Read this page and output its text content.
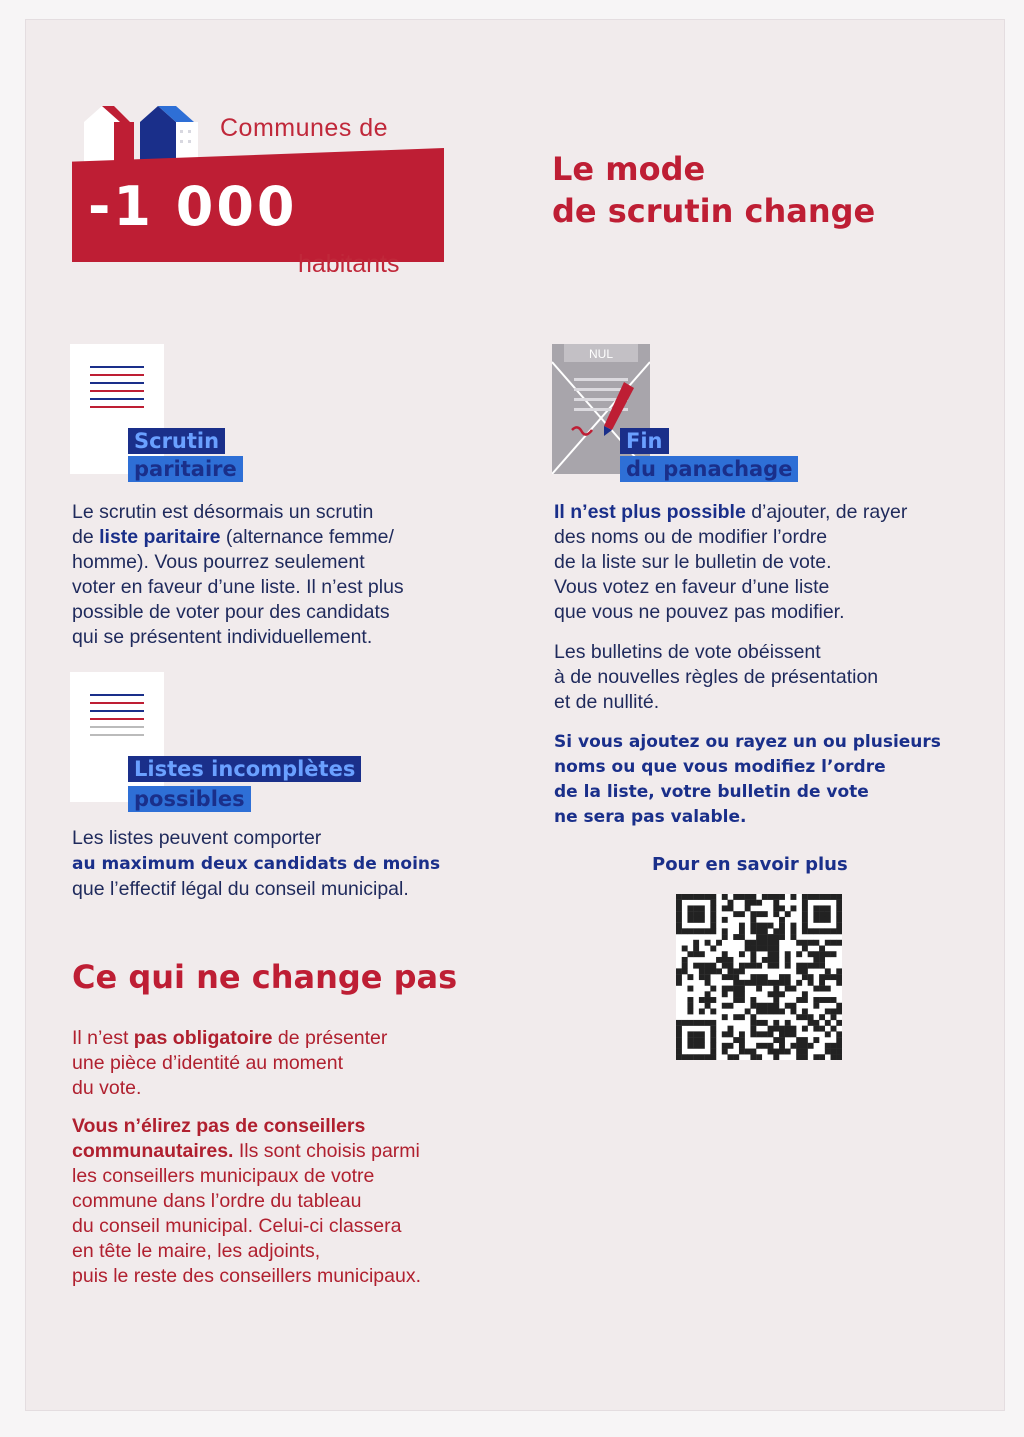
Communes de
-1 000
habitants
Le mode
de scrutin change
Scrutin
paritaire
Le scrutin est désormais un scrutin
de liste paritaire (alternance femme/
homme). Vous pourrez seulement
voter en faveur d’une liste. Il n’est plus
possible de voter pour des candidats
qui se présentent individuellement.
Listes incomplètes
possibles
Les listes peuvent comporter
au maximum deux candidats de moins
que l’effectif légal du conseil municipal.
Ce qui ne change pas
Il n’est pas obligatoire de présenter
une pièce d’identité au moment
du vote.
Vous n’élirez pas de conseillers
communautaires. Ils sont choisis parmi
les conseillers municipaux de votre
commune dans l’ordre du tableau
du conseil municipal. Celui-ci classera
en tête le maire, les adjoints,
puis le reste des conseillers municipaux.
NUL
Fin
du panachage
Il n’est plus possible d’ajouter, de rayer
des noms ou de modifier l’ordre
de la liste sur le bulletin de vote.
Vous votez en faveur d’une liste
que vous ne pouvez pas modifier.
Les bulletins de vote obéissent
à de nouvelles règles de présentation
et de nullité.
Si vous ajoutez ou rayez un ou plusieurs
noms ou que vous modifiez l’ordre
de la liste, votre bulletin de vote
ne sera pas valable.
Pour en savoir plus
